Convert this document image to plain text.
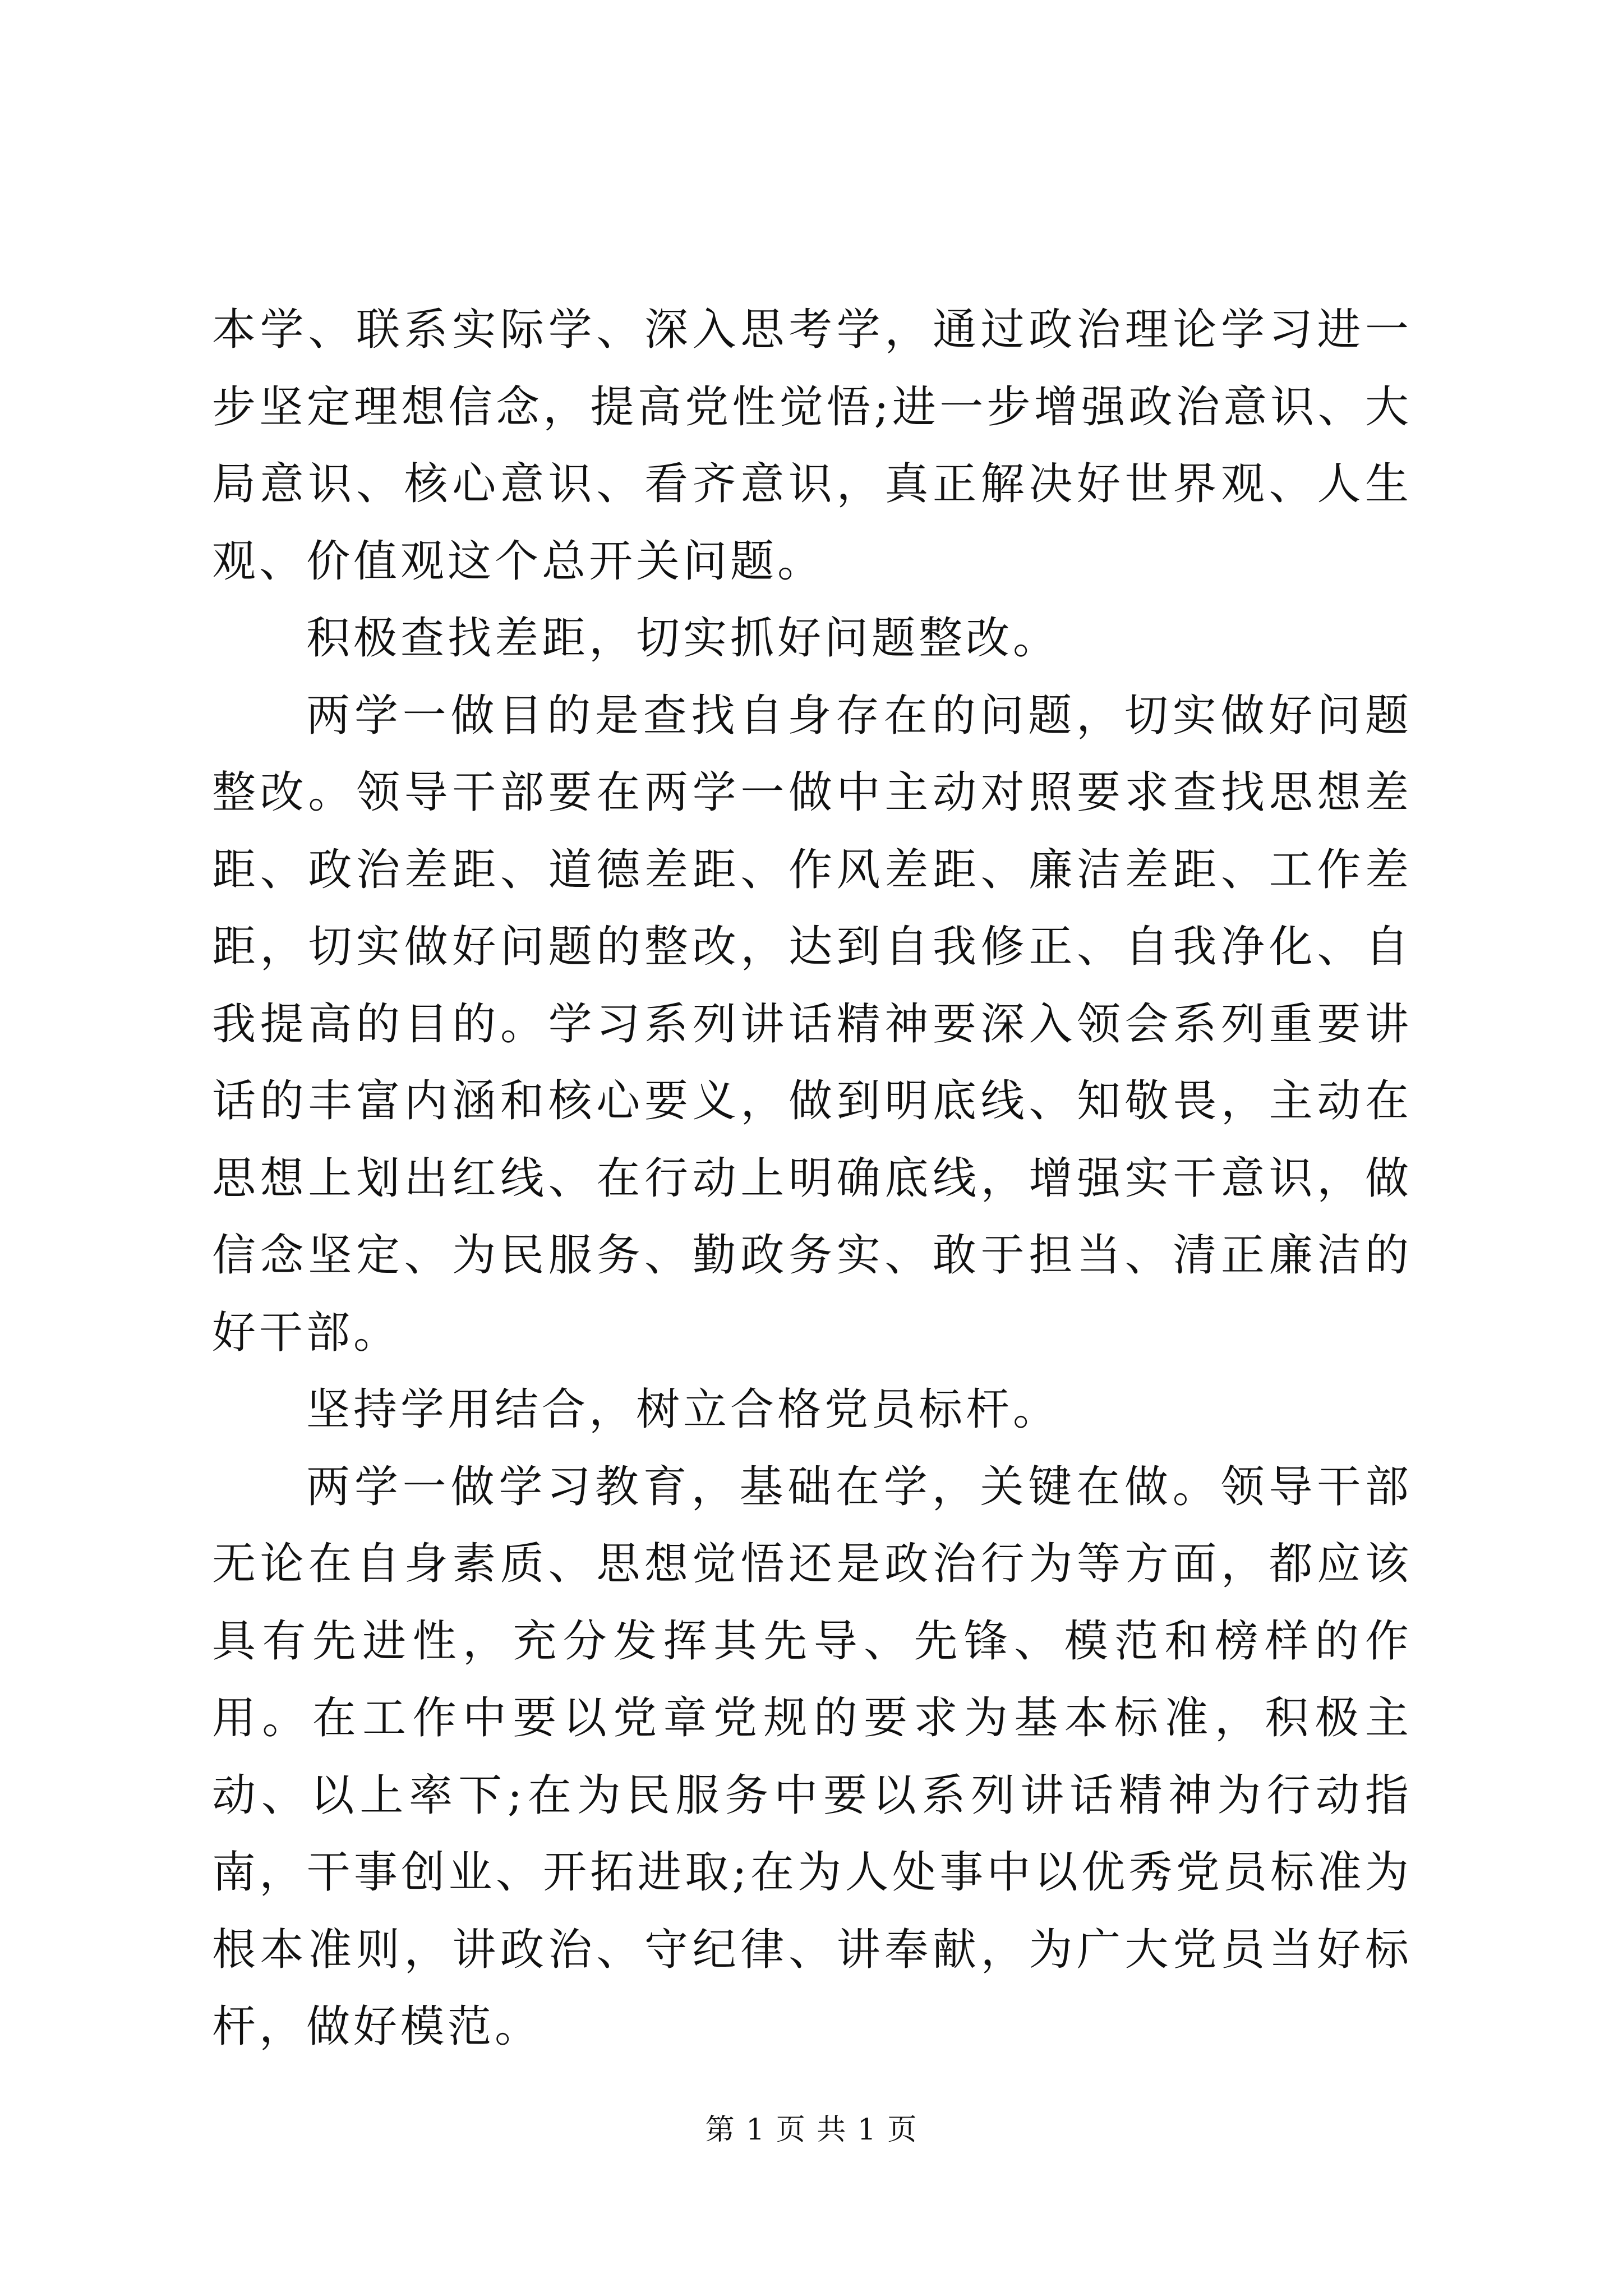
本学、联系实际学、深入思考学，通过政治理论学习进一步坚定理想信念，提高党性觉悟;进一步增强政治意识、大局意识、核心意识、看齐意识，真正解决好世界观、人生观、价值观这个总开关问题。

积极查找差距，切实抓好问题整改。

两学一做目的是查找自身存在的问题，切实做好问题整改。领导干部要在两学一做中主动对照要求查找思想差距、政治差距、道德差距、作风差距、廉洁差距、工作差距，切实做好问题的整改，达到自我修正、自我净化、自我提高的目的。学习系列讲话精神要深入领会系列重要讲话的丰富内涵和核心要义，做到明底线、知敬畏，主动在思想上划出红线、在行动上明确底线，增强实干意识，做信念坚定、为民服务、勤政务实、敢于担当、清正廉洁的好干部。

坚持学用结合，树立合格党员标杆。

两学一做学习教育，基础在学，关键在做。领导干部无论在自身素质、思想觉悟还是政治行为等方面，都应该具有先进性，充分发挥其先导、先锋、模范和榜样的作用。在工作中要以党章党规的要求为基本标准，积极主动、以上率下;在为民服务中要以系列讲话精神为行动指南，干事创业、开拓进取;在为人处事中以优秀党员标准为根本准则，讲政治、守纪律、讲奉献，为广大党员当好标杆，做好模范。

第 1 页 共 1 页
